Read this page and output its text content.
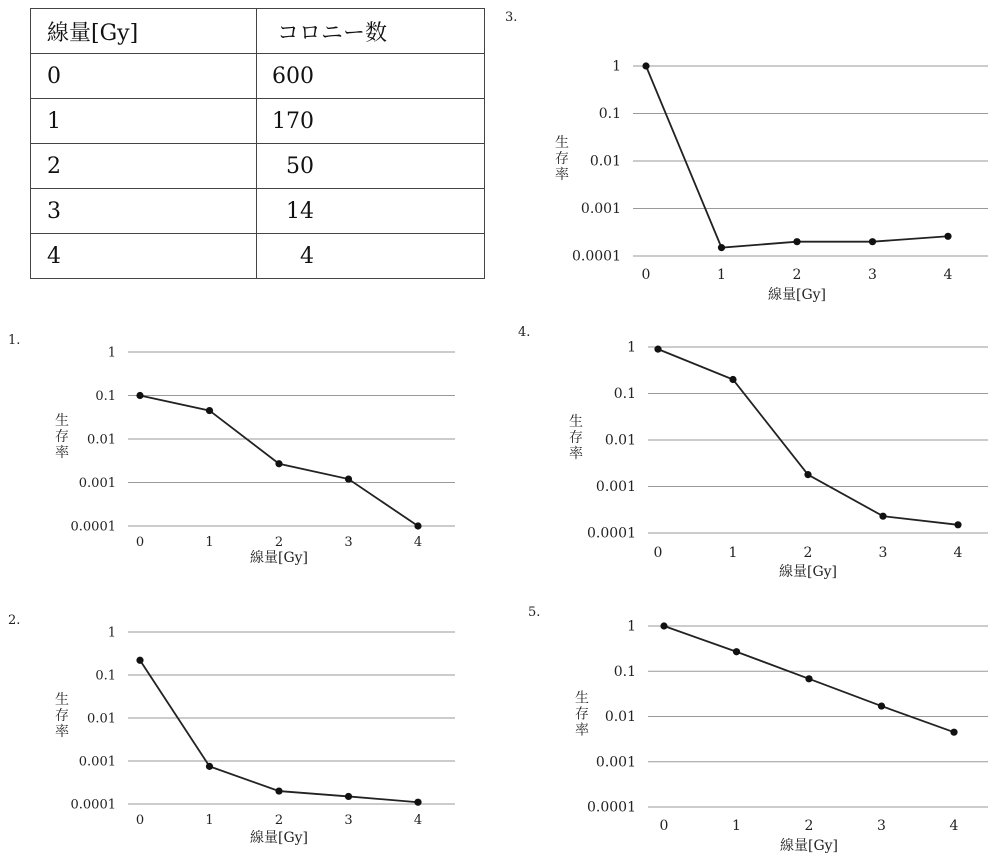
線量[Gy]	コロニー数
0	600
1	170
2	50
3	14
4	4
1.
1
0.1
0.01
0.001
0.0001
0	1	2	3	4
線量[Gy]
生
存
率
2.
1
0.1
0.01
0.001
0.0001
0	1	2	3	4
線量[Gy]
生
存
率
3.
1
0.1
0.01
0.001
0.0001
0	1	2	3	4
線量[Gy]
生
存
率
4.
1
0.1
0.01
0.001
0.0001
0	1	2	3	4
線量[Gy]
生
存
率
5.
1
0.1
0.01
0.001
0.0001
0	1	2	3	4
線量[Gy]
生
存
率
